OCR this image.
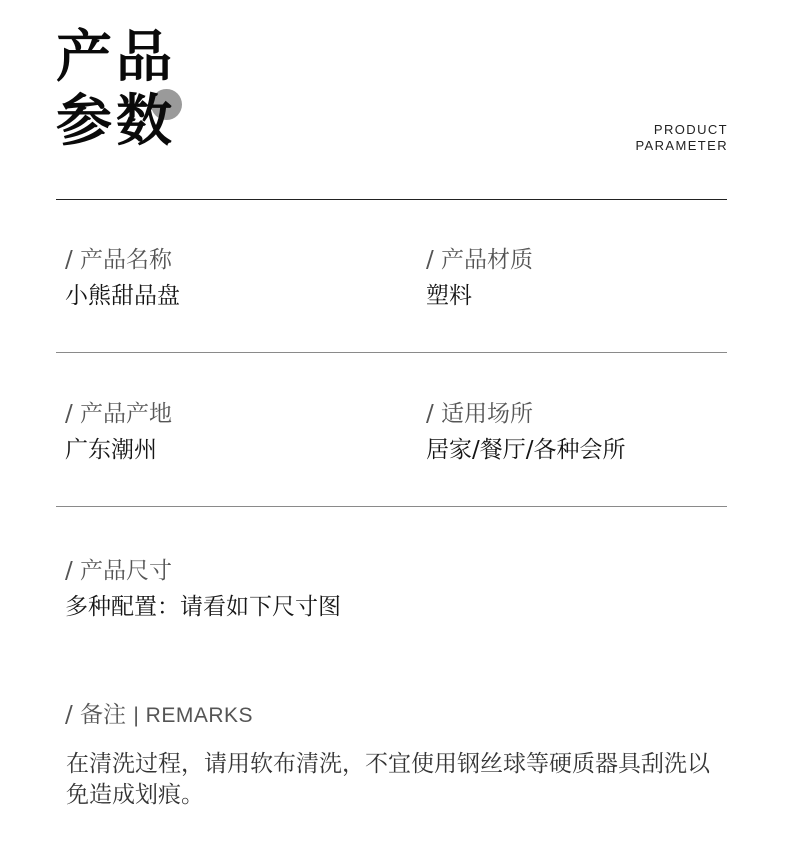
产品
参数	PRODUCT
PARAMETER
/ 产品名称
小熊甜品盘
/ 产品材质
塑料
/ 产品产地
广东潮州
/ 适用场所
居家/餐厅/各种会所
/ 产品尺寸
多种配置：请看如下尺寸图
/ 备注 | REMARKS
在清洗过程，请用软布清洗，不宜使用钢丝球等硬质器具刮洗以免造成划痕。
